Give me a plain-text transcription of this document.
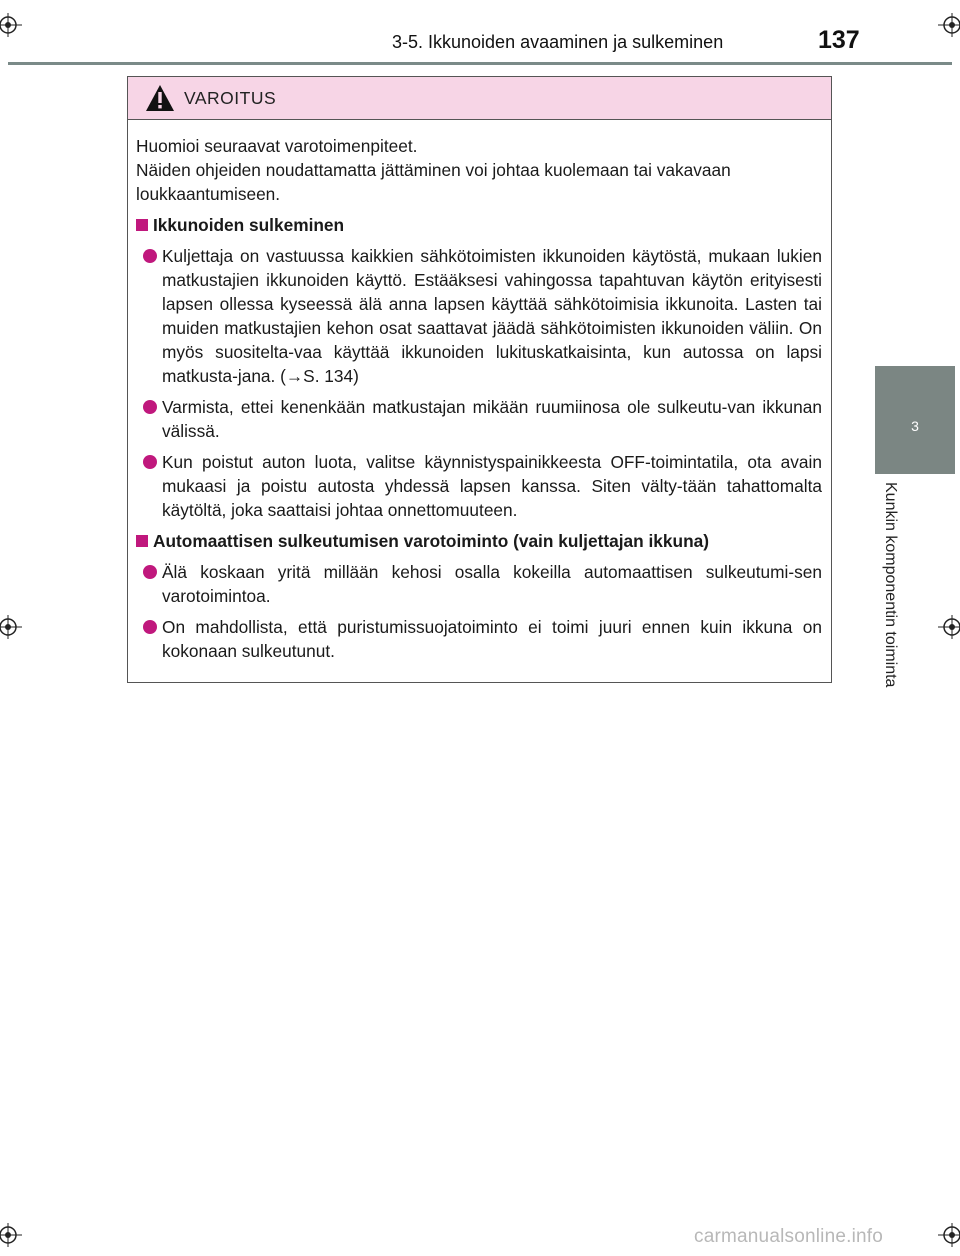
3-5. Ikkunoiden avaaminen ja sulkeminen	137
3
Kunkin komponentin toiminta
VAROITUS

Huomioi seuraavat varotoimenpiteet.

Näiden ohjeiden noudattamatta jättäminen voi johtaa kuolemaan tai vakavaan loukkaantumiseen.

Ikkunoiden sulkeminen
Kuljettaja on vastuussa kaikkien sähkötoimisten ikkunoiden käytöstä, mukaan lukien matkustajien ikkunoiden käyttö. Estääksesi vahingossa tapahtuvan käytön erityisesti lapsen ollessa kyseessä älä anna lapsen käyttää sähkötoimisia ikkunoita. Lasten tai muiden matkustajien kehon osat saattavat jäädä sähkötoimisten ikkunoiden väliin. On myös suositelta-vaa käyttää ikkunoiden lukituskatkaisinta, kun autossa on lapsi matkusta-jana. (→S. 134)
Varmista, ettei kenenkään matkustajan mikään ruumiinosa ole sulkeutu-van ikkunan välissä.
Kun poistut auton luota, valitse käynnistyspainikkeesta OFF-toimintatila, ota avain mukaasi ja poistu autosta yhdessä lapsen kanssa. Siten välty-tään tahattomalta käytöltä, joka saattaisi johtaa onnettomuuteen.
Automaattisen sulkeutumisen varotoiminto (vain kuljettajan ikkuna)
Älä koskaan yritä millään kehosi osalla kokeilla automaattisen sulkeutumi-sen varotoimintoa.
On mahdollista, että puristumissuojatoiminto ei toimi juuri ennen kuin ikkuna on kokonaan sulkeutunut.
carmanualsonline.info
